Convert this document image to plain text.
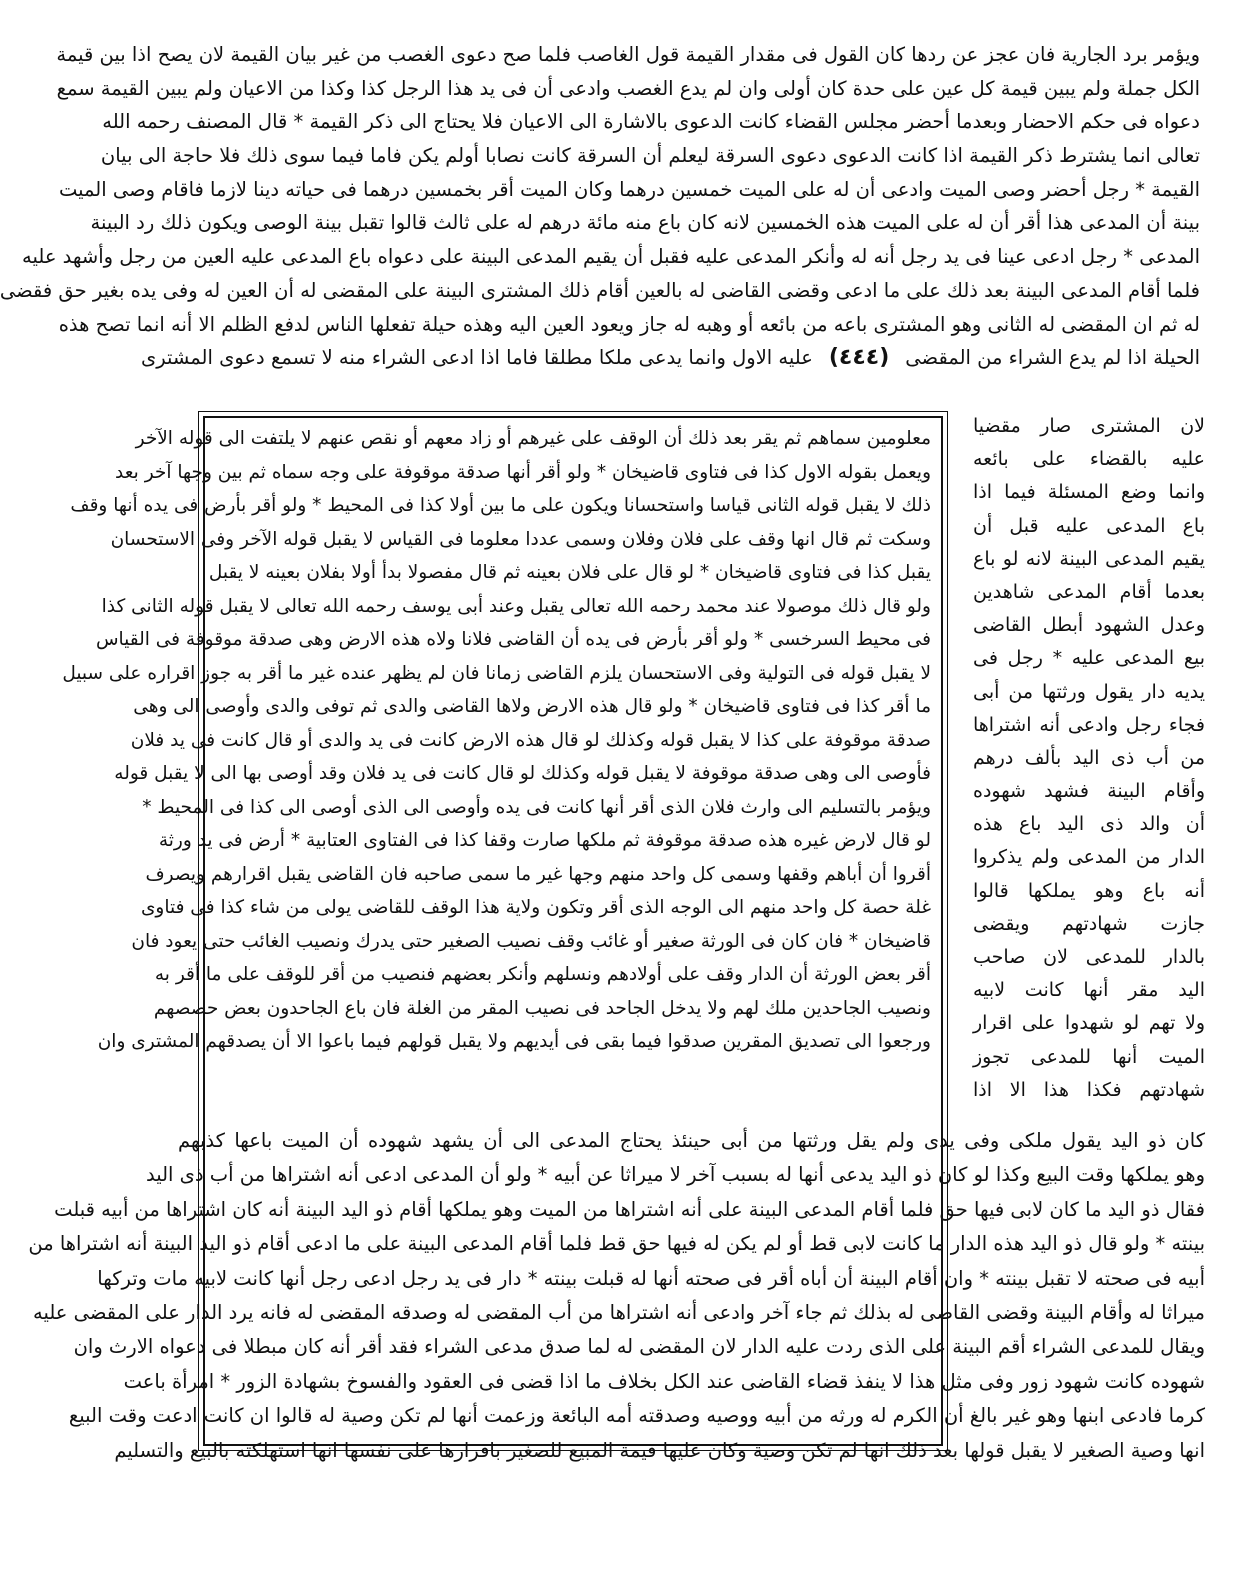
ويؤمر برد الجارية فان عجز عن ردها كان القول فى مقدار القيمة قول الغاصب فلما صح دعوى الغصب من غير بيان القيمة لان يصح اذا بين قيمة
الكل جملة ولم يبين قيمة كل عين على حدة كان أولى وان لم يدع الغصب وادعى أن فى يد هذا الرجل كذا وكذا من الاعيان ولم يبين القيمة سمع
دعواه فى حكم الاحضار وبعدما أحضر مجلس القضاء كانت الدعوى بالاشارة الى الاعيان فلا يحتاج الى ذكر القيمة * قال المصنف رحمه الله
تعالى انما يشترط ذكر القيمة اذا كانت الدعوى دعوى السرقة ليعلم أن السرقة كانت نصابا أولم يكن فاما فيما سوى ذلك فلا حاجة الى بيان
القيمة * رجل أحضر وصى الميت وادعى أن له على الميت خمسين درهما وكان الميت أقر بخمسين درهما فى حياته دينا لازما فاقام وصى الميت
بينة أن المدعى هذا أقر أن له على الميت هذه الخمسين لانه كان باع منه مائة درهم له على ثالث قالوا تقبل بينة الوصى ويكون ذلك رد البينة
المدعى * رجل ادعى عينا فى يد رجل أنه له وأنكر المدعى عليه فقبل أن يقيم المدعى البينة على دعواه باع المدعى عليه العين من رجل وأشهد عليه
فلما أقام المدعى البينة بعد ذلك على ما ادعى وقضى القاضى له بالعين أقام ذلك المشترى البينة على المقضى له أن العين له وفى يده بغير حق فقضى
له ثم ان المقضى له الثانى وهو المشترى باعه من بائعه أو وهبه له جاز ويعود العين اليه وهذه حيلة تفعلها الناس لدفع الظلم الا أنه انما تصح هذه
الحيلة اذا لم يدع الشراء من المقضى
(٤٤٤)
عليه الاول وانما يدعى ملكا مطلقا فاما اذا ادعى الشراء منه لا تسمع دعوى المشترى
لان المشترى صار مقضيا
عليه بالقضاء على بائعه
وانما وضع المسئلة فيما اذا
باع المدعى عليه قبل أن
يقيم المدعى البينة لانه لو باع
بعدما أقام المدعى شاهدين
وعدل الشهود أبطل القاضى
بيع المدعى عليه * رجل فى
يديه دار يقول ورثتها من أبى
فجاء رجل وادعى أنه اشتراها
من أب ذى اليد بألف درهم
وأقام البينة فشهد شهوده
أن والد ذى اليد باع هذه
الدار من المدعى ولم يذكروا
أنه باع وهو يملكها قالوا
جازت شهادتهم ويقضى
بالدار للمدعى لان صاحب
اليد مقر أنها كانت لابيه
ولا تهم لو شهدوا على اقرار
الميت أنها للمدعى تجوز
شهادتهم فكذا هذا الا اذا
معلومين سماهم ثم يقر بعد ذلك أن الوقف على غيرهم أو زاد معهم أو نقص عنهم لا يلتفت الى قوله الآخر
ويعمل بقوله الاول كذا فى فتاوى قاضيخان * ولو أقر أنها صدقة موقوفة على وجه سماه ثم بين وجها آخر بعد
ذلك لا يقبل قوله الثانى قياسا واستحسانا ويكون على ما بين أولا كذا فى المحيط * ولو أقر بأرض فى يده أنها وقف
وسكت ثم قال انها وقف على فلان وفلان وسمى عددا معلوما فى القياس لا يقبل قوله الآخر وفى الاستحسان
يقبل كذا فى فتاوى قاضيخان * لو قال على فلان بعينه ثم قال مفصولا بدأ أولا بفلان بعينه لا يقبل
ولو قال ذلك موصولا عند محمد رحمه الله تعالى يقبل وعند أبى يوسف رحمه الله تعالى لا يقبل قوله الثانى كذا
فى محيط السرخسى * ولو أقر بأرض فى يده أن القاضى فلانا ولاه هذه الارض وهى صدقة موقوفة فى القياس
لا يقبل قوله فى التولية وفى الاستحسان يلزم القاضى زمانا فان لم يظهر عنده غير ما أقر به جوز اقراره على سبيل
ما أقر كذا فى فتاوى قاضيخان * ولو قال هذه الارض ولاها القاضى والدى ثم توفى والدى وأوصى الى وهى
صدقة موقوفة على كذا لا يقبل قوله وكذلك لو قال هذه الارض كانت فى يد والدى أو قال كانت فى يد فلان
فأوصى الى وهى صدقة موقوفة لا يقبل قوله وكذلك لو قال كانت فى يد فلان وقد أوصى بها الى لا يقبل قوله
ويؤمر بالتسليم الى وارث فلان الذى أقر أنها كانت فى يده وأوصى الى الذى أوصى الى كذا فى المحيط *
لو قال لارض غيره هذه صدقة موقوفة ثم ملكها صارت وقفا كذا فى الفتاوى العتابية * أرض فى يد ورثة
أقروا أن أباهم وقفها وسمى كل واحد منهم وجها غير ما سمى صاحبه فان القاضى يقبل اقرارهم ويصرف
غلة حصة كل واحد منهم الى الوجه الذى أقر وتكون ولاية هذا الوقف للقاضى يولى من شاء كذا فى فتاوى
قاضيخان * فان كان فى الورثة صغير أو غائب وقف نصيب الصغير حتى يدرك ونصيب الغائب حتى يعود فان
أقر بعض الورثة أن الدار وقف على أولادهم ونسلهم وأنكر بعضهم فنصيب من أقر للوقف على ما أقر به
ونصيب الجاحدين ملك لهم ولا يدخل الجاحد فى نصيب المقر من الغلة فان باع الجاحدون بعض حصصهم
ورجعوا الى تصديق المقرين صدقوا فيما بقى فى أيديهم ولا يقبل قولهم فيما باعوا الا أن يصدقهم المشترى وان
كان ذو اليد يقول ملكى وفى يدى ولم يقل ورثتها من أبى حينئذ يحتاج المدعى الى أن يشهد شهوده أن الميت باعها كذبهم
وهو يملكها وقت البيع وكذا لو كان ذو اليد يدعى أنها له بسبب آخر لا ميراثا عن أبيه * ولو أن المدعى ادعى أنه اشتراها من أب ذى اليد
فقال ذو اليد ما كان لابى فيها حق فلما أقام المدعى البينة على أنه اشتراها من الميت وهو يملكها أقام ذو اليد البينة أنه كان اشتراها من أبيه قبلت
بينته * ولو قال ذو اليد هذه الدار ما كانت لابى قط أو لم يكن له فيها حق قط فلما أقام المدعى البينة على ما ادعى أقام ذو اليد البينة أنه اشتراها من
أبيه فى صحته لا تقبل بينته * وان أقام البينة أن أباه أقر فى صحته أنها له قبلت بينته * دار فى يد رجل ادعى رجل أنها كانت لابيه مات وتركها
ميراثا له وأقام البينة وقضى القاضى له بذلك ثم جاء آخر وادعى أنه اشتراها من أب المقضى له وصدقه المقضى له فانه يرد الدار على المقضى عليه
ويقال للمدعى الشراء أقم البينة على الذى ردت عليه الدار لان المقضى له لما صدق مدعى الشراء فقد أقر أنه كان مبطلا فى دعواه الارث وان
شهوده كانت شهود زور وفى مثل هذا لا ينفذ قضاء القاضى عند الكل بخلاف ما اذا قضى فى العقود والفسوخ بشهادة الزور * امرأة باعت
كرما فادعى ابنها وهو غير بالغ أن الكرم له ورثه من أبيه ووصيه وصدقته أمه البائعة وزعمت أنها لم تكن وصية له قالوا ان كانت ادعت وقت البيع
انها وصية الصغير لا يقبل قولها بعد ذلك انها لم تكن وصية وكان عليها قيمة المبيع للصغير باقرارها على نفسها انها استهلكته بالبيع والتسليم
